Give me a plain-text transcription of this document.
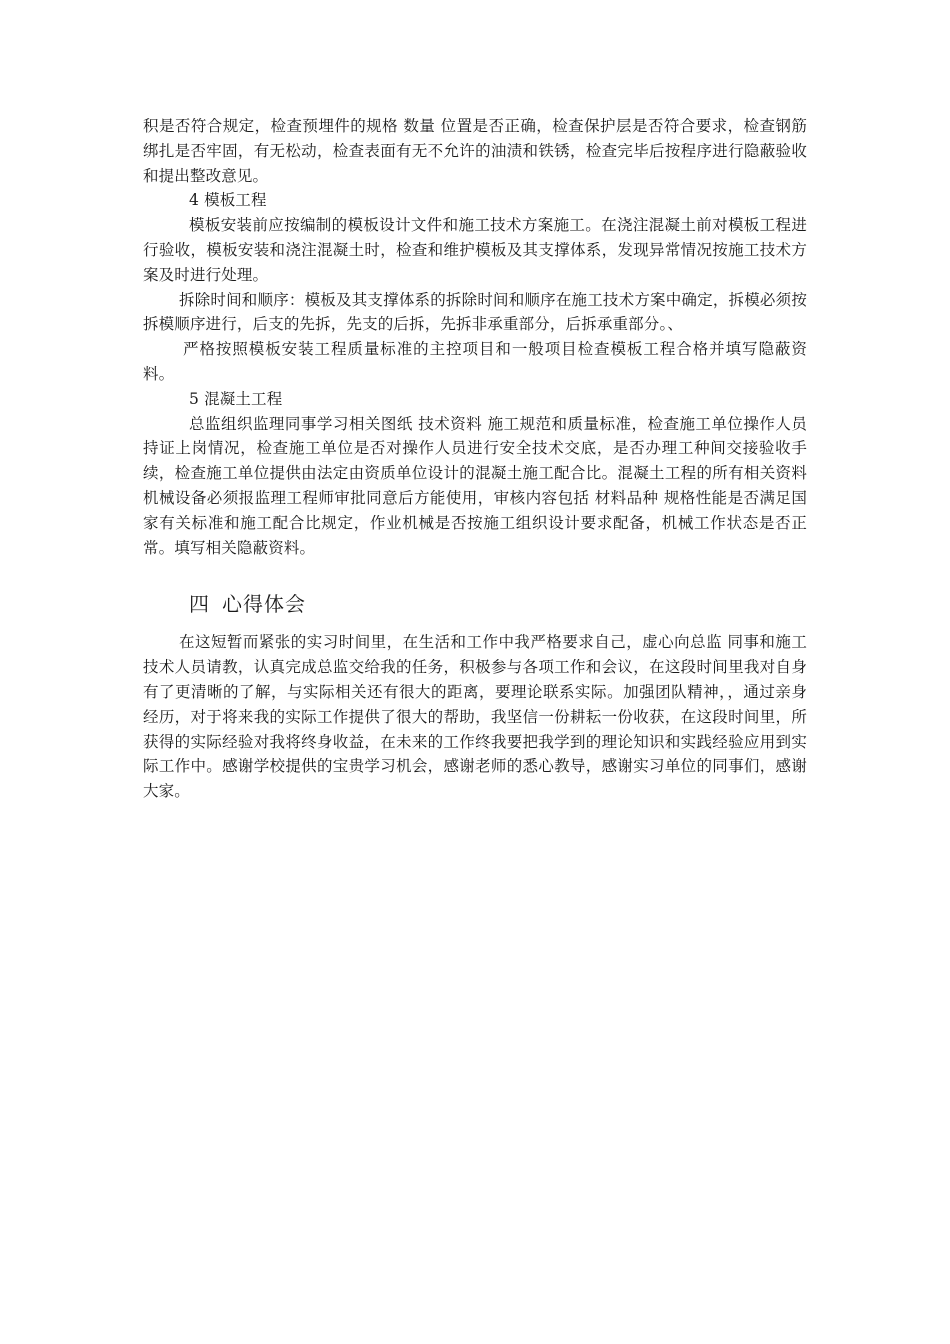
积是否符合规定，检查预埋件的规格 数量 位置是否正确，检查保护层是否符合要求，检查钢筋绑扎是否牢固，有无松动，检查表面有无不允许的油渍和铁锈，检查完毕后按程序进行隐蔽验收和提出整改意见。

4 模板工程

模板安装前应按编制的模板设计文件和施工技术方案施工。在浇注混凝土前对模板工程进行验收，模板安装和浇注混凝土时，检查和维护模板及其支撑体系，发现异常情况按施工技术方案及时进行处理。

拆除时间和顺序：模板及其支撑体系的拆除时间和顺序在施工技术方案中确定，拆模必须按拆模顺序进行，后支的先拆，先支的后拆，先拆非承重部分，后拆承重部分。、

严格按照模板安装工程质量标准的主控项目和一般项目检查模板工程合格并填写隐蔽资料。

5 混凝土工程

总监组织监理同事学习相关图纸 技术资料 施工规范和质量标准，检查施工单位操作人员持证上岗情况，检查施工单位是否对操作人员进行安全技术交底，是否办理工种间交接验收手续，检查施工单位提供由法定由资质单位设计的混凝土施工配合比。混凝土工程的所有相关资料 机械设备必须报监理工程师审批同意后方能使用，审核内容包括 材料品种 规格性能是否满足国家有关标准和施工配合比规定，作业机械是否按施工组织设计要求配备，机械工作状态是否正常。填写相关隐蔽资料。

四 心得体会

在这短暂而紧张的实习时间里，在生活和工作中我严格要求自己，虚心向总监 同事和施工技术人员请教，认真完成总监交给我的任务，积极参与各项工作和会议，在这段时间里我对自身有了更清晰的了解，与实际相关还有很大的距离，要理论联系实际。加强团队精神，，通过亲身经历，对于将来我的实际工作提供了很大的帮助，我坚信一份耕耘一份收获，在这段时间里，所获得的实际经验对我将终身收益，在未来的工作终我要把我学到的理论知识和实践经验应用到实际工作中。感谢学校提供的宝贵学习机会，感谢老师的悉心教导，感谢实习单位的同事们，感谢大家。
